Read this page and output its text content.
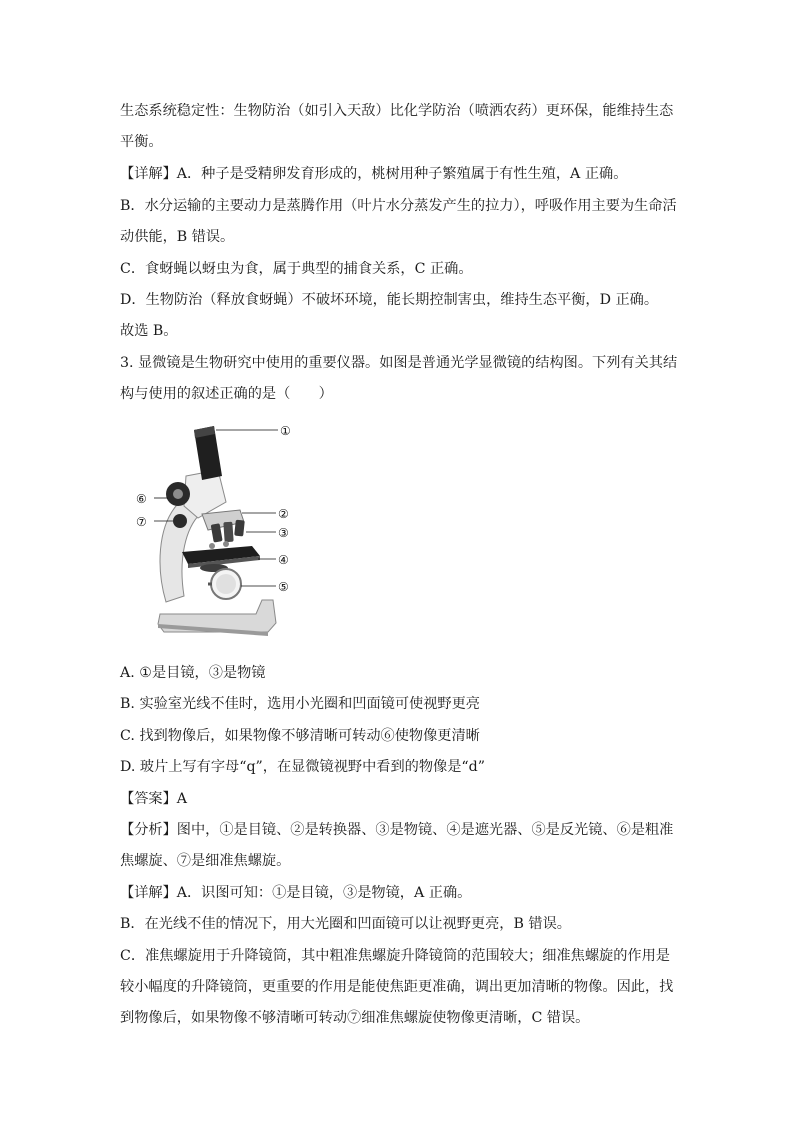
生态系统稳定性：生物防治（如引入天敌）比化学防治（喷洒农药）更环保，能维持生态
平衡。
【详解】A．种子是受精卵发育形成的，桃树用种子繁殖属于有性生殖，A 正确。
B．水分运输的主要动力是蒸腾作用（叶片水分蒸发产生的拉力），呼吸作用主要为生命活
动供能，B 错误。
C．食蚜蝇以蚜虫为食，属于典型的捕食关系，C 正确。
D．生物防治（释放食蚜蝇）不破坏环境，能长期控制害虫，维持生态平衡，D 正确。
故选 B。
3. 显微镜是生物研究中使用的重要仪器。如图是普通光学显微镜的结构图。下列有关其结
构与使用的叙述正确的是（　　）
①
②
③
④
⑤
⑥
⑦
A. ①是目镜，③是物镜
B. 实验室光线不佳时，选用小光圈和凹面镜可使视野更亮
C. 找到物像后，如果物像不够清晰可转动⑥使物像更清晰
D. 玻片上写有字母“q”，在显微镜视野中看到的物像是“d”
【答案】A
【分析】图中，①是目镜、②是转换器、③是物镜、④是遮光器、⑤是反光镜、⑥是粗准
焦螺旋、⑦是细准焦螺旋。
【详解】A．识图可知：①是目镜，③是物镜，A 正确。
B．在光线不佳的情况下，用大光圈和凹面镜可以让视野更亮，B 错误。
C．准焦螺旋用于升降镜筒，其中粗准焦螺旋升降镜筒的范围较大；细准焦螺旋的作用是
较小幅度的升降镜筒，更重要的作用是能使焦距更准确，调出更加清晰的物像。因此，找
到物像后，如果物像不够清晰可转动⑦细准焦螺旋使物像更清晰，C 错误。
